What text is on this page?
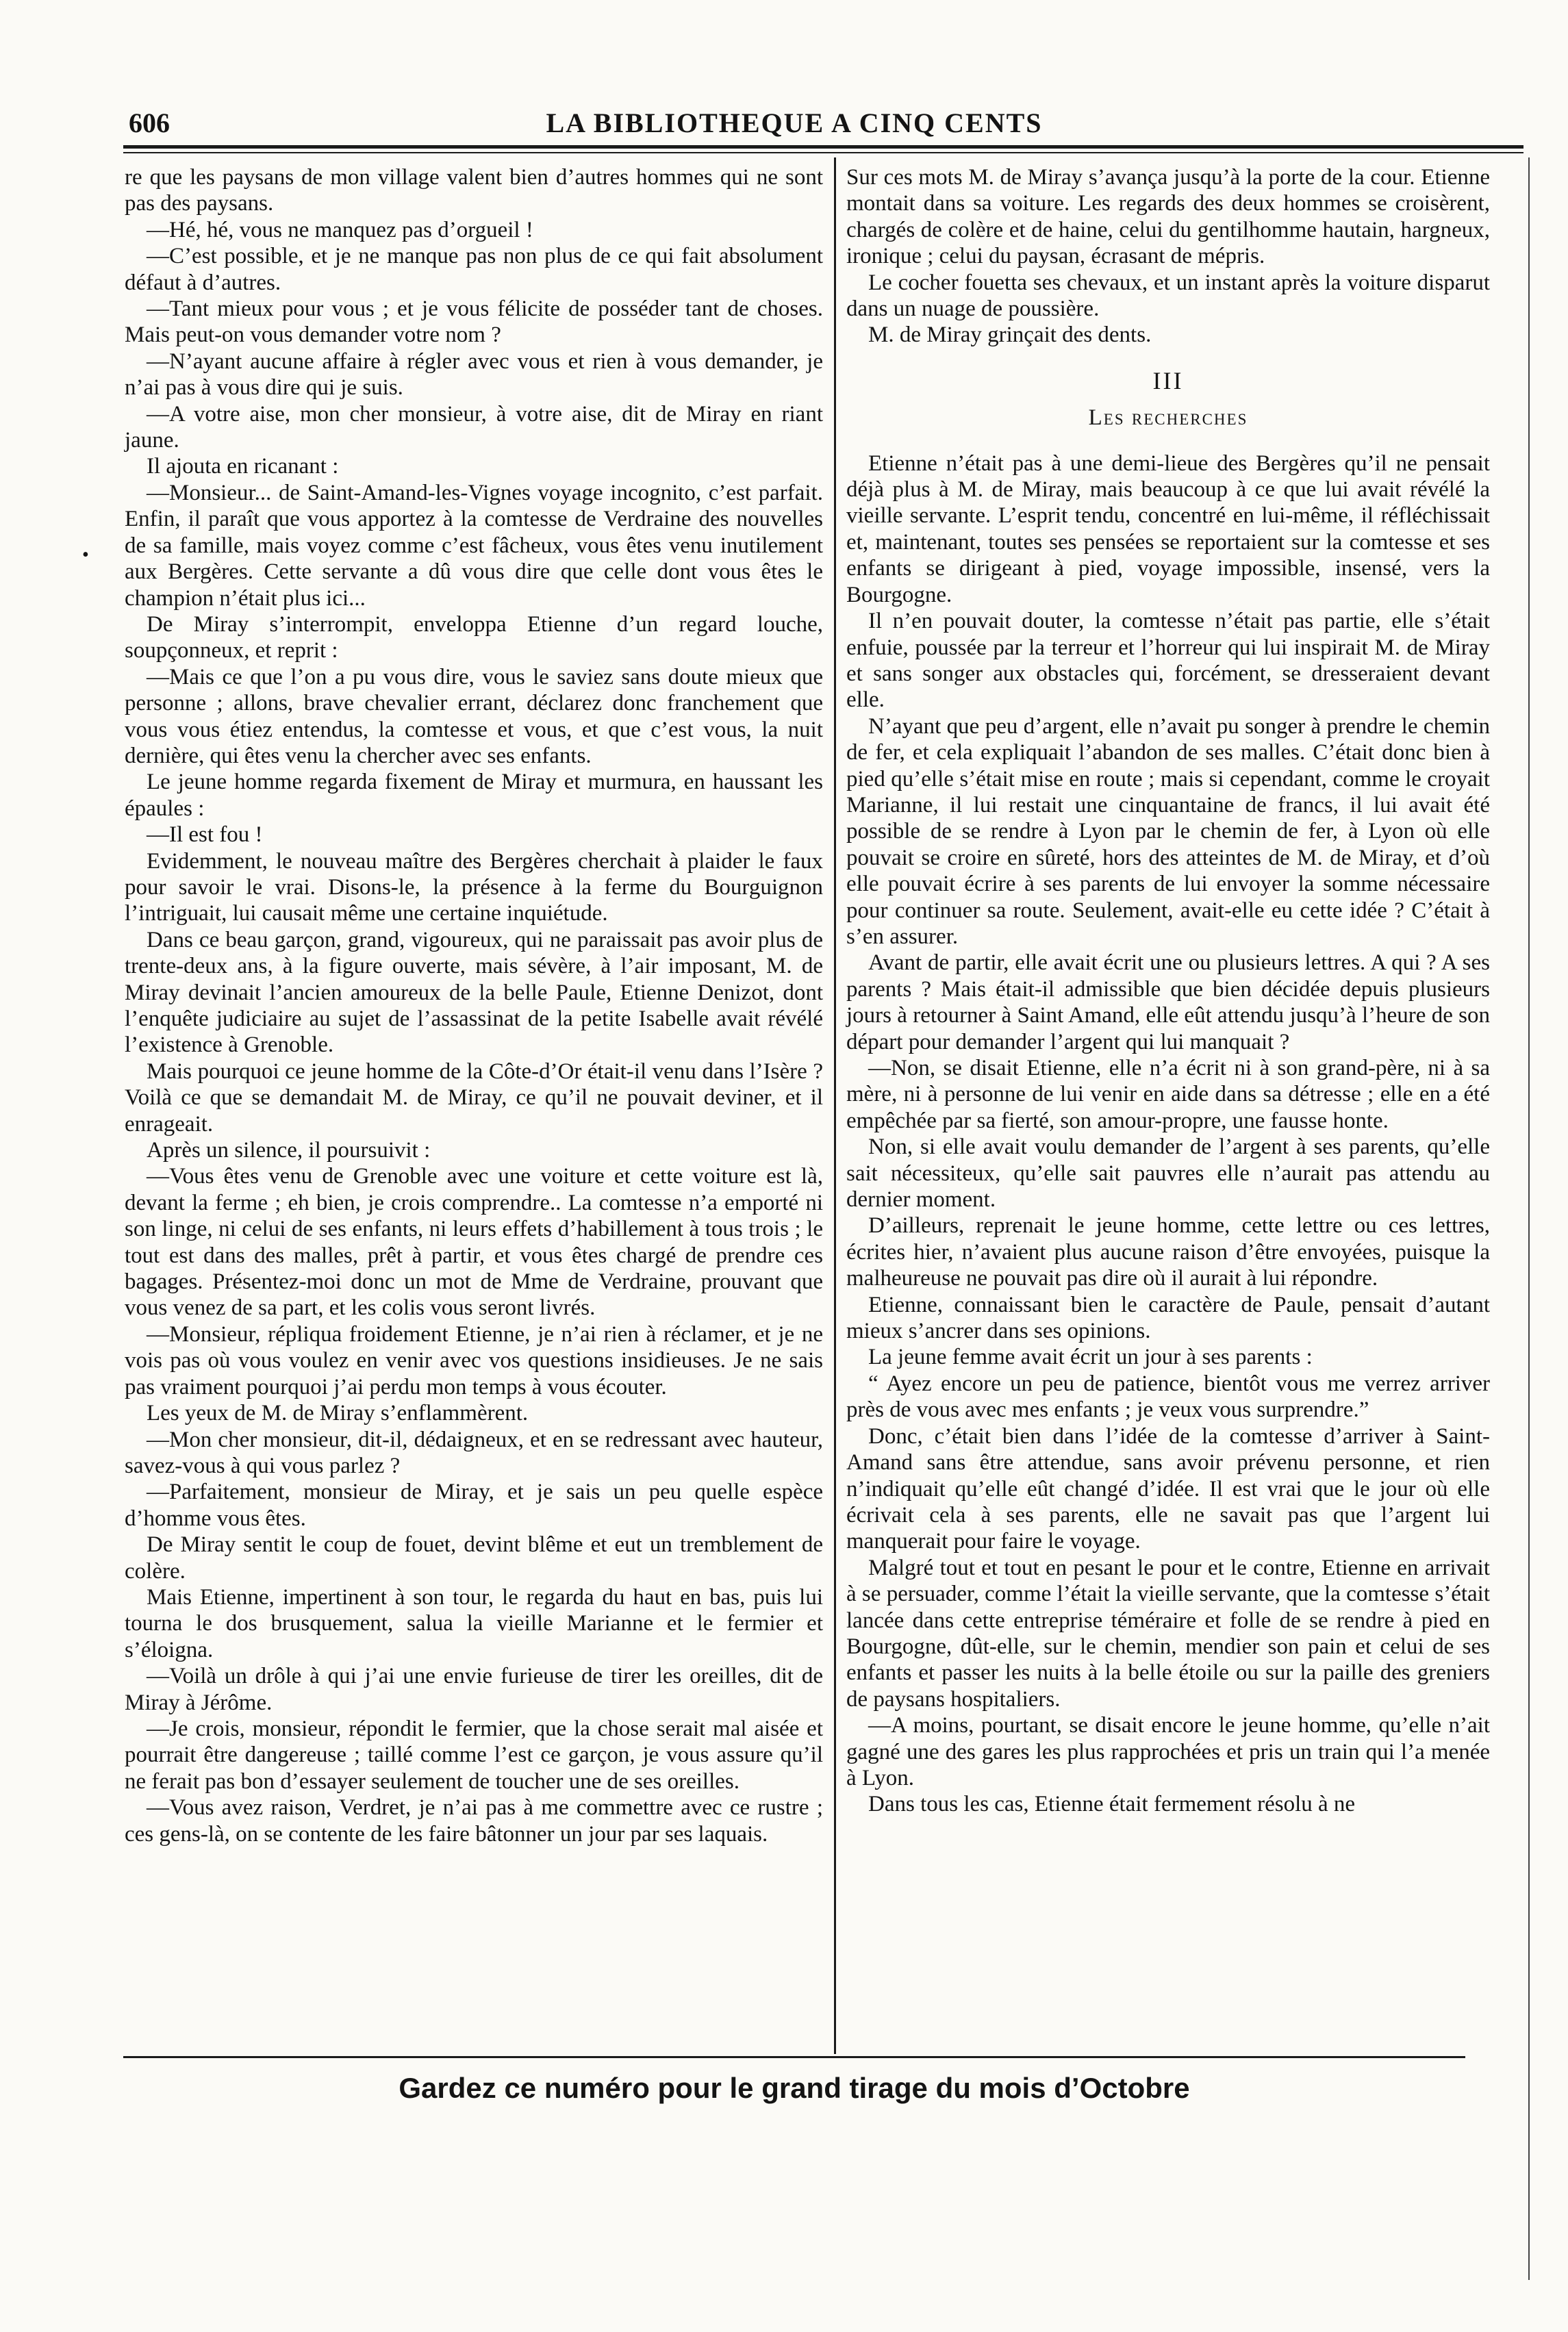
606	LA BIBLIOTHEQUE A CINQ CENTS
•

re que les paysans de mon village valent bien d’autres hommes qui ne sont pas des paysans.

—Hé, hé, vous ne manquez pas d’orgueil !

—C’est possible, et je ne manque pas non plus de ce qui fait absolument défaut à d’autres.

—Tant mieux pour vous ; et je vous félicite de posséder tant de choses. Mais peut-on vous demander votre nom ?

—N’ayant aucune affaire à régler avec vous et rien à vous demander, je n’ai pas à vous dire qui je suis.

—A votre aise, mon cher monsieur, à votre aise, dit de Miray en riant jaune.

Il ajouta en ricanant :

—Monsieur... de Saint-Amand-les-Vignes voyage incognito, c’est parfait. Enfin, il paraît que vous apportez à la comtesse de Verdraine des nouvelles de sa famille, mais voyez comme c’est fâcheux, vous êtes venu inutilement aux Bergères. Cette servante a dû vous dire que celle dont vous êtes le champion n’était plus ici...

De Miray s’interrompit, enveloppa Etienne d’un regard louche, soupçonneux, et reprit :

—Mais ce que l’on a pu vous dire, vous le saviez sans doute mieux que personne ; allons, brave chevalier errant, déclarez donc franchement que vous vous étiez entendus, la comtesse et vous, et que c’est vous, la nuit dernière, qui êtes venu la chercher avec ses enfants.

Le jeune homme regarda fixement de Miray et murmura, en haussant les épaules :

—Il est fou !

Evidemment, le nouveau maître des Bergères cherchait à plaider le faux pour savoir le vrai. Disons-le, la présence à la ferme du Bourguignon l’intriguait, lui causait même une certaine inquiétude.

Dans ce beau garçon, grand, vigoureux, qui ne paraissait pas avoir plus de trente-deux ans, à la figure ouverte, mais sévère, à l’air imposant, M. de Miray devinait l’ancien amoureux de la belle Paule, Etienne Denizot, dont l’enquête judiciaire au sujet de l’assassinat de la petite Isabelle avait révélé l’existence à Grenoble.

Mais pourquoi ce jeune homme de la Côte-d’Or était-il venu dans l’Isère ? Voilà ce que se demandait M. de Miray, ce qu’il ne pouvait deviner, et il enrageait.

Après un silence, il poursuivit :

—Vous êtes venu de Grenoble avec une voiture et cette voiture est là, devant la ferme ; eh bien, je crois comprendre.. La comtesse n’a emporté ni son linge, ni celui de ses enfants, ni leurs effets d’habillement à tous trois ; le tout est dans des malles, prêt à partir, et vous êtes chargé de prendre ces bagages. Présentez-moi donc un mot de Mme de Verdraine, prouvant que vous venez de sa part, et les colis vous seront livrés.

—Monsieur, répliqua froidement Etienne, je n’ai rien à réclamer, et je ne vois pas où vous voulez en venir avec vos questions insidieuses. Je ne sais pas vraiment pourquoi j’ai perdu mon temps à vous écouter.

Les yeux de M. de Miray s’enflammèrent.

—Mon cher monsieur, dit-il, dédaigneux, et en se redressant avec hauteur, savez-vous à qui vous parlez ?

—Parfaitement, monsieur de Miray, et je sais un peu quelle espèce d’homme vous êtes.

De Miray sentit le coup de fouet, devint blême et eut un tremblement de colère.

Mais Etienne, impertinent à son tour, le regarda du haut en bas, puis lui tourna le dos brusquement, salua la vieille Marianne et le fermier et s’éloigna.

—Voilà un drôle à qui j’ai une envie furieuse de tirer les oreilles, dit de Miray à Jérôme.

—Je crois, monsieur, répondit le fermier, que la chose serait mal aisée et pourrait être dangereuse ; taillé comme l’est ce garçon, je vous assure qu’il ne ferait pas bon d’essayer seulement de toucher une de ses oreilles.

—Vous avez raison, Verdret, je n’ai pas à me commettre avec ce rustre ; ces gens-là, on se contente de les faire bâtonner un jour par ses laquais.

Sur ces mots M. de Miray s’avança jusqu’à la porte de la cour. Etienne montait dans sa voiture. Les regards des deux hommes se croisèrent, chargés de colère et de haine, celui du gentilhomme hautain, hargneux, ironique ; celui du paysan, écrasant de mépris.

Le cocher fouetta ses chevaux, et un instant après la voiture disparut dans un nuage de poussière.

M. de Miray grinçait des dents.

III

Les recherches

Etienne n’était pas à une demi-lieue des Bergères qu’il ne pensait déjà plus à M. de Miray, mais beaucoup à ce que lui avait révélé la vieille servante. L’esprit tendu, concentré en lui-même, il réfléchissait et, maintenant, toutes ses pensées se reportaient sur la comtesse et ses enfants se dirigeant à pied, voyage impossible, insensé, vers la Bourgogne.

Il n’en pouvait douter, la comtesse n’était pas partie, elle s’était enfuie, poussée par la terreur et l’horreur qui lui inspirait M. de Miray et sans songer aux obstacles qui, forcément, se dresseraient devant elle.

N’ayant que peu d’argent, elle n’avait pu songer à prendre le chemin de fer, et cela expliquait l’abandon de ses malles. C’était donc bien à pied qu’elle s’était mise en route ; mais si cependant, comme le croyait Marianne, il lui restait une cinquantaine de francs, il lui avait été possible de se rendre à Lyon par le chemin de fer, à Lyon où elle pouvait se croire en sûreté, hors des atteintes de M. de Miray, et d’où elle pouvait écrire à ses parents de lui envoyer la somme nécessaire pour continuer sa route. Seulement, avait-elle eu cette idée ? C’était à s’en assurer.

Avant de partir, elle avait écrit une ou plusieurs lettres. A qui ? A ses parents ? Mais était-il admissible que bien décidée depuis plusieurs jours à retourner à Saint Amand, elle eût attendu jusqu’à l’heure de son départ pour demander l’argent qui lui manquait ?

—Non, se disait Etienne, elle n’a écrit ni à son grand-père, ni à sa mère, ni à personne de lui venir en aide dans sa détresse ; elle en a été empêchée par sa fierté, son amour-propre, une fausse honte.

Non, si elle avait voulu demander de l’argent à ses parents, qu’elle sait nécessiteux, qu’elle sait pauvres elle n’aurait pas attendu au dernier moment.

D’ailleurs, reprenait le jeune homme, cette lettre ou ces lettres, écrites hier, n’avaient plus aucune raison d’être envoyées, puisque la malheureuse ne pouvait pas dire où il aurait à lui répondre.

Etienne, connaissant bien le caractère de Paule, pensait d’autant mieux s’ancrer dans ses opinions.

La jeune femme avait écrit un jour à ses parents :

“ Ayez encore un peu de patience, bientôt vous me verrez arriver près de vous avec mes enfants ; je veux vous surprendre.”

Donc, c’était bien dans l’idée de la comtesse d’arriver à Saint-Amand sans être attendue, sans avoir prévenu personne, et rien n’indiquait qu’elle eût changé d’idée. Il est vrai que le jour où elle écrivait cela à ses parents, elle ne savait pas que l’argent lui manquerait pour faire le voyage.

Malgré tout et tout en pesant le pour et le contre, Etienne en arrivait à se persuader, comme l’était la vieille servante, que la comtesse s’était lancée dans cette entreprise téméraire et folle de se rendre à pied en Bourgogne, dût-elle, sur le chemin, mendier son pain et celui de ses enfants et passer les nuits à la belle étoile ou sur la paille des greniers de paysans hospitaliers.

—A moins, pourtant, se disait encore le jeune homme, qu’elle n’ait gagné une des gares les plus rapprochées et pris un train qui l’a menée à Lyon.

Dans tous les cas, Etienne était fermement résolu à ne

Gardez ce numéro pour le grand tirage du mois d’Octobre
